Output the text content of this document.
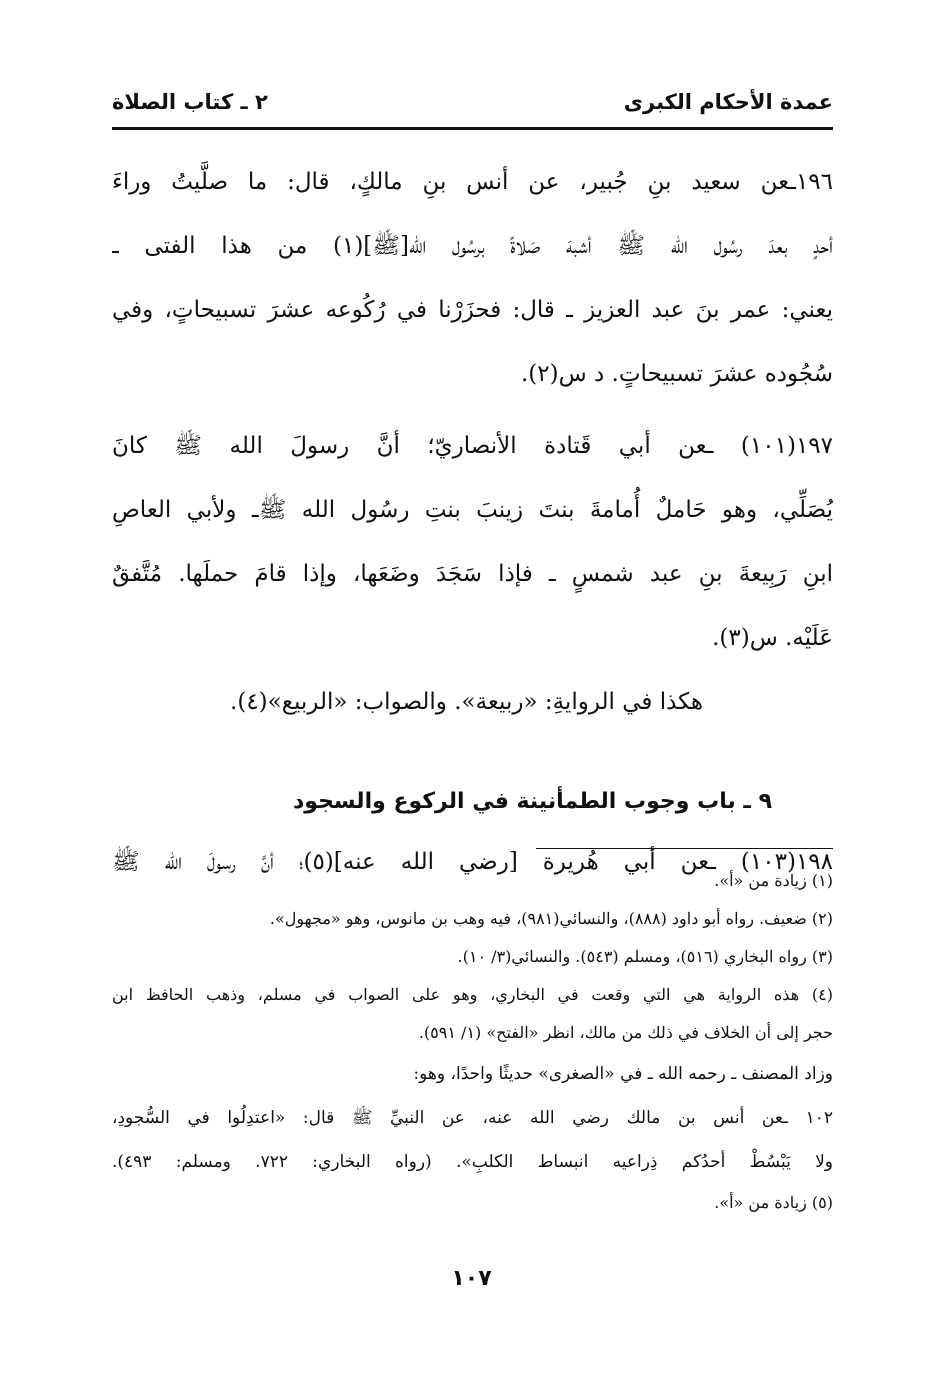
عمدة الأحكام الكبرى
٢ ـ كتاب الصلاة
١٩٦ـعن سعيد بنِ جُبير، عن أنس بنِ مالكٍ، قال: ما صلَّيتُ وراءَ
أحدٍ بعدَ رسُول الله ﷺ أشبهَ صَلاةً برسُول الله[ﷺ](١) من هذا الفتى ـ
يعني: عمر بنَ عبد العزيز ـ قال: فحزَرْنا في رُكُوعه عشرَ تسبيحاتٍ، وفي
سُجُوده عشرَ تسبيحاتٍ. د س(٢).
١٩٧(١٠١) ـعن أبي قَتادة الأنصاريّ؛ أنَّ رسولَ الله ﷺ كانَ
يُصَلِّي، وهو حَاملٌ أُمامةَ بنتَ زينبَ بنتِ رسُول الله ﷺـ ولأبي العاصِ
ابنِ رَبِيعةَ بنِ عبد شمسٍ ـ فإذا سَجَدَ وضَعَها، وإذا قامَ حملَها. مُتَّفقٌ
عَلَيْه. س(٣).
هكذا في الروايةِ: «ربيعة». والصواب: «الربيع»(٤).
٩ ـ باب وجوب الطمأنينة في الركوع والسجود
١٩٨(١٠٣) ـعن أبي هُريرة [رضي الله عنه](٥)؛ أنَّ رسولَ الله ﷺ
(١) زيادة من «أ».
(٢) ضعيف. رواه أبو داود (٨٨٨)، والنسائي(٩٨١)، فيه وهب بن مانوس، وهو «مجهول».
(٣) رواه البخاري (٥١٦)، ومسلم (٥٤٣). والنسائي(٣/ ١٠).
(٤) هذه الرواية هي التي وقعت في البخاري، وهو على الصواب في مسلم، وذهب الحافظ ابن
حجر إلى أن الخلاف في ذلك من مالك، انظر «الفتح» (١/ ٥٩١).
وزاد المصنف ـ رحمه الله ـ في «الصغرى» حديثًا واحدًا، وهو:
١٠٢ ـعن أنس بن مالك رضي الله عنه، عن النبيِّ ﷺ قال: «اعتدِلُوا في السُّجودِ،
ولا يَبْسُطْ أحدُكم ذِراعيه انبساط الكلبِ». (رواه البخاري: ٧٢٢. ومسلم: ٤٩٣).
(٥) زيادة من «أ».
١٠٧
